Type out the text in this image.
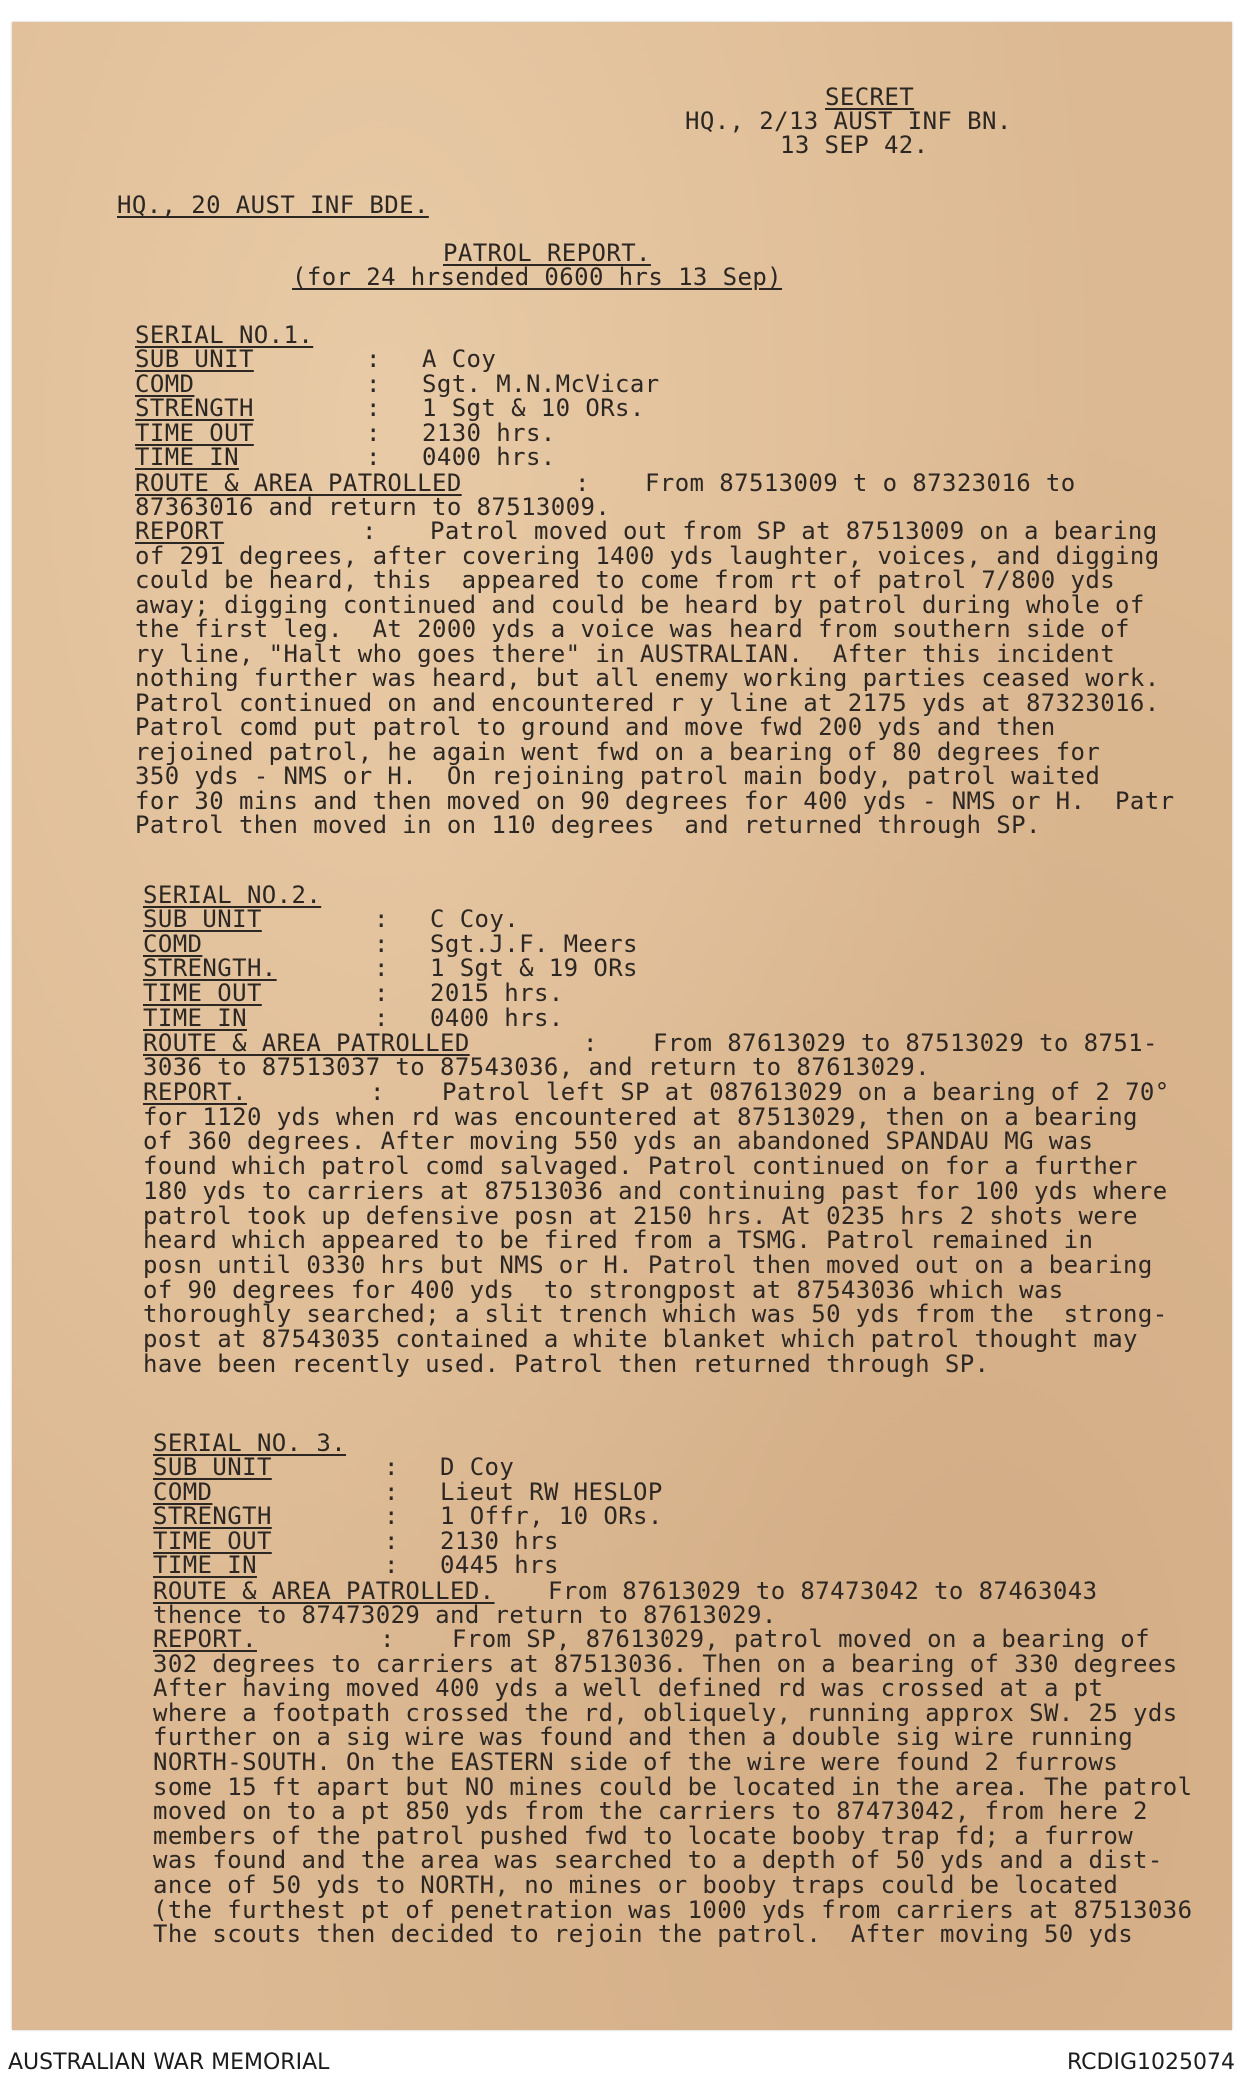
SECRET
HQ., 2/13 AUST INF BN.
13 SEP 42.
HQ., 20 AUST INF BDE.
PATROL REPORT.
(for 24 hrsended 0600 hrs 13 Sep)
SERIAL NO.1.
SUB UNIT	: A Coy
COMD	: Sgt. M.N.McVicar
STRENGTH	: 1 Sgt & 10 ORs.
TIME OUT	: 2130 hrs.
TIME IN	: 0400 hrs.
ROUTE & AREA PATROLLED	: From 87513009 t o 87323016 to
87363016 and return to 87513009.
REPORT	: Patrol moved out from SP at 87513009 on a bearing
of 291 degrees, after covering 1400 yds laughter, voices, and digging
could be heard, this  appeared to come from rt of patrol 7/800 yds
away; digging continued and could be heard by patrol during whole of
the first leg.  At 2000 yds a voice was heard from southern side of
ry line, "Halt who goes there" in AUSTRALIAN.  After this incident
nothing further was heard, but all enemy working parties ceased work.
Patrol continued on and encountered r y line at 2175 yds at 87323016.
Patrol comd put patrol to ground and move fwd 200 yds and then
rejoined patrol, he again went fwd on a bearing of 80 degrees for
350 yds - NMS or H.  On rejoining patrol main body, patrol waited
for 30 mins and then moved on 90 degrees for 400 yds - NMS or H.  Patr
Patrol then moved in on 110 degrees  and returned through SP.
SERIAL NO.2.
SUB UNIT	: C Coy.
COMD	: Sgt.J.F. Meers
STRENGTH.	: 1 Sgt & 19 ORs
TIME OUT	: 2015 hrs.
TIME IN	: 0400 hrs.
ROUTE & AREA PATROLLED	: From 87613029 to 87513029 to 8751-
3036 to 87513037 to 87543036, and return to 87613029.
REPORT.	: Patrol left SP at 087613029 on a bearing of 2 70°
for 1120 yds when rd was encountered at 87513029, then on a bearing
of 360 degrees. After moving 550 yds an abandoned SPANDAU MG was
found which patrol comd salvaged. Patrol continued on for a further
180 yds to carriers at 87513036 and continuing past for 100 yds where
patrol took up defensive posn at 2150 hrs. At 0235 hrs 2 shots were
heard which appeared to be fired from a TSMG. Patrol remained in
posn until 0330 hrs but NMS or H. Patrol then moved out on a bearing
of 90 degrees for 400 yds  to strongpost at 87543036 which was
thoroughly searched; a slit trench which was 50 yds from the  strong-
post at 87543035 contained a white blanket which patrol thought may
have been recently used. Patrol then returned through SP.
SERIAL NO. 3.
SUB UNIT	: D Coy
COMD	: Lieut RW HESLOP
STRENGTH	: 1 Offr, 10 ORs.
TIME OUT	: 2130 hrs
TIME IN	: 0445 hrs
ROUTE & AREA PATROLLED. From 87613029 to 87473042 to 87463043
thence to 87473029 and return to 87613029.
REPORT.	: From SP, 87613029, patrol moved on a bearing of
302 degrees to carriers at 87513036. Then on a bearing of 330 degrees
After having moved 400 yds a well defined rd was crossed at a pt
where a footpath crossed the rd, obliquely, running approx SW. 25 yds
further on a sig wire was found and then a double sig wire running
NORTH-SOUTH. On the EASTERN side of the wire were found 2 furrows
some 15 ft apart but NO mines could be located in the area. The patrol
moved on to a pt 850 yds from the carriers to 87473042, from here 2
members of the patrol pushed fwd to locate booby trap fd; a furrow
was found and the area was searched to a depth of 50 yds and a dist-
ance of 50 yds to NORTH, no mines or booby traps could be located
(the furthest pt of penetration was 1000 yds from carriers at 87513036
The scouts then decided to rejoin the patrol.  After moving 50 yds
AUSTRALIAN WAR MEMORIAL	RCDIG1025074
